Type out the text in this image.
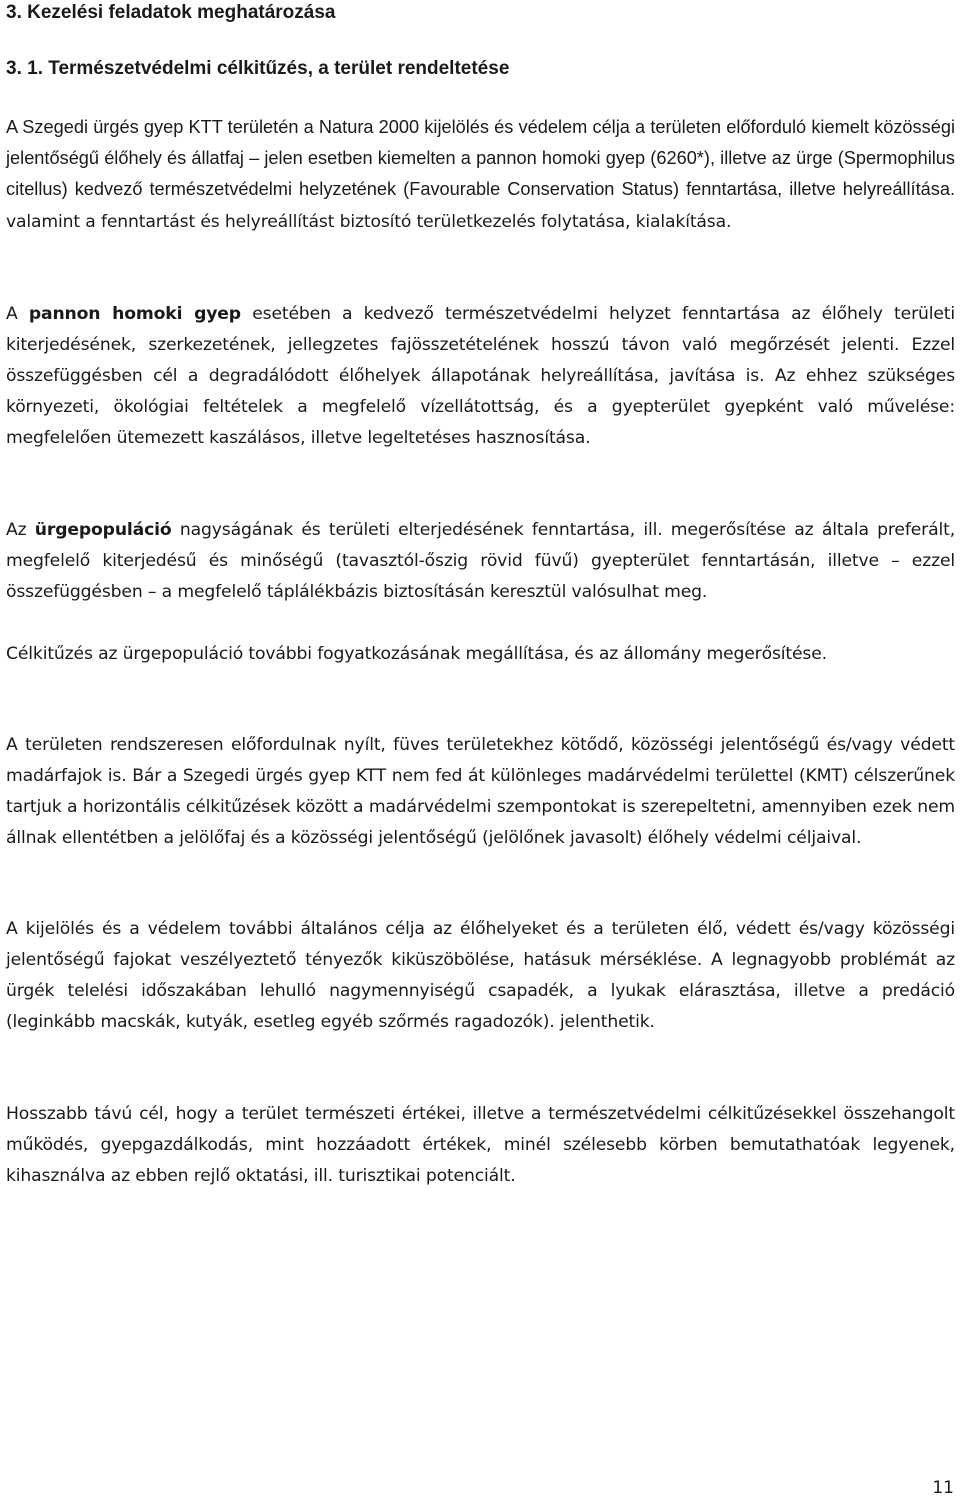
3. Kezelési feladatok meghatározása
3. 1. Természetvédelmi célkitűzés, a terület rendeltetése

A Szegedi ürgés gyep KTT területén a Natura 2000 kijelölés és védelem célja a területen előforduló kiemelt közösségi jelentőségű élőhely és állatfaj – jelen esetben kiemelten a pannon homoki gyep (6260*), illetve az ürge (Spermophilus citellus) kedvező természetvédelmi helyzetének (Favourable Conservation Status) fenntartása, illetve helyreállítása. valamint a fenntartást és helyreállítást biztosító területkezelés folytatása, kialakítása.

A pannon homoki gyep esetében a kedvező természetvédelmi helyzet fenntartása az élőhely területi kiterjedésének, szerkezetének, jellegzetes fajösszetételének hosszú távon való megőrzését jelenti. Ezzel összefüggésben cél a degradálódott élőhelyek állapotának helyreállítása, javítása is. Az ehhez szükséges környezeti, ökológiai feltételek a megfelelő vízellátottság, és a gyepterület gyepként való művelése: megfelelően ütemezett kaszálásos, illetve legeltetéses hasznosítása.

Az ürgepopuláció nagyságának és területi elterjedésének fenntartása, ill. megerősítése az általa preferált, megfelelő kiterjedésű és minőségű (tavasztól-őszig rövid füvű) gyepterület fenntartásán, illetve – ezzel összefüggésben – a megfelelő táplálékbázis biztosításán keresztül valósulhat meg.

Célkitűzés az ürgepopuláció további fogyatkozásának megállítása, és az állomány megerősítése.

A területen rendszeresen előfordulnak nyílt, füves területekhez kötődő, közösségi jelentőségű és/vagy védett madárfajok is. Bár a Szegedi ürgés gyep KTT nem fed át különleges madárvédelmi területtel (KMT) célszerűnek tartjuk a horizontális célkitűzések között a madárvédelmi szempontokat is szerepeltetni, amennyiben ezek nem állnak ellentétben a jelölőfaj és a közösségi jelentőségű (jelölőnek javasolt) élőhely védelmi céljaival.

A kijelölés és a védelem további általános célja az élőhelyeket és a területen élő, védett és/vagy közösségi jelentőségű fajokat veszélyeztető tényezők kiküszöbölése, hatásuk mérséklése. A legnagyobb problémát az ürgék telelési időszakában lehulló nagymennyiségű csapadék, a lyukak elárasztása, illetve a predáció (leginkább macskák, kutyák, esetleg egyéb szőrmés ragadozók). jelenthetik.

Hosszabb távú cél, hogy a terület természeti értékei, illetve a természetvédelmi célkitűzésekkel összehangolt működés, gyepgazdálkodás, mint hozzáadott értékek, minél szélesebb körben bemutathatóak legyenek, kihasználva az ebben rejlő oktatási, ill. turisztikai potenciált.

11
